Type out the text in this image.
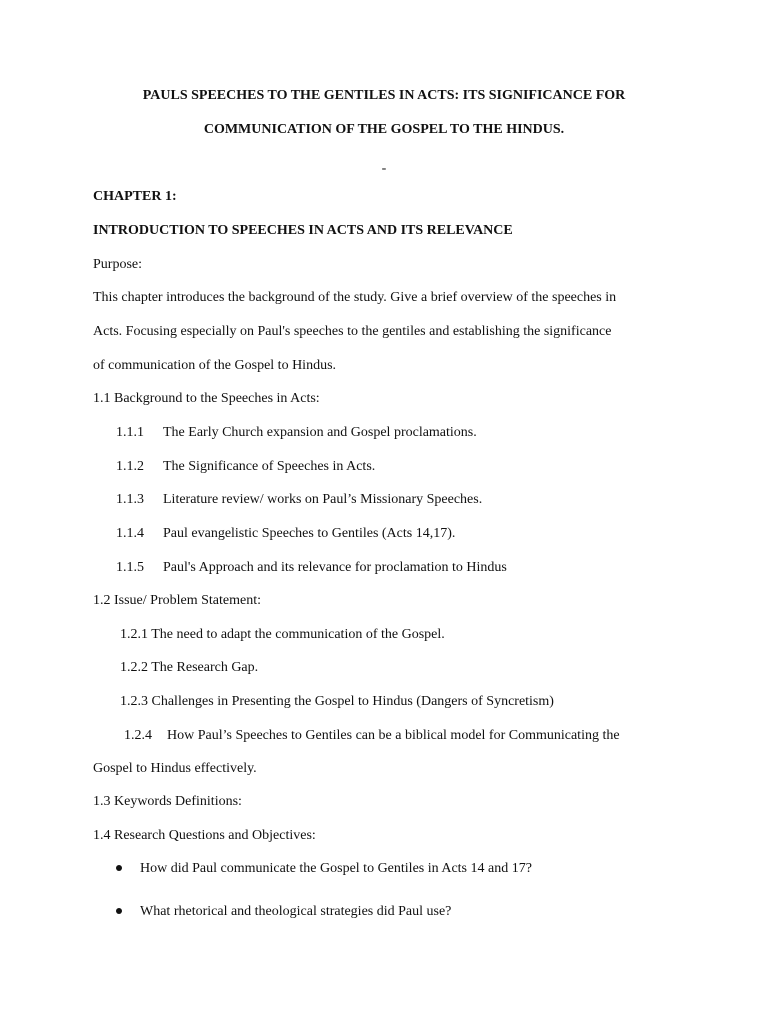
PAULS SPEECHES TO THE GENTILES IN ACTS: ITS SIGNIFICANCE FOR
COMMUNICATION OF THE GOSPEL TO THE HINDUS.
-
CHAPTER 1:
INTRODUCTION TO SPEECHES IN ACTS AND ITS RELEVANCE
Purpose:
This chapter introduces the background of the study. Give a brief overview of the speeches in
Acts. Focusing especially on Paul's speeches to the gentiles and establishing the significance
of communication of the Gospel to Hindus.
1.1 Background to the Speeches in Acts:
1.1.1 The Early Church expansion and Gospel proclamations.
1.1.2 The Significance of Speeches in Acts.
1.1.3 Literature review/ works on Paul’s Missionary Speeches.
1.1.4 Paul evangelistic Speeches to Gentiles (Acts 14,17).
1.1.5 Paul's Approach and its relevance for proclamation to Hindus
1.2 Issue/ Problem Statement:
1.2.1 The need to adapt the communication of the Gospel.
1.2.2 The Research Gap.
1.2.3 Challenges in Presenting the Gospel to Hindus (Dangers of Syncretism)
1.2.4 How Paul’s Speeches to Gentiles can be a biblical model for Communicating the
Gospel to Hindus effectively.
1.3 Keywords Definitions:
1.4 Research Questions and Objectives:
How did Paul communicate the Gospel to Gentiles in Acts 14 and 17?
What rhetorical and theological strategies did Paul use?
